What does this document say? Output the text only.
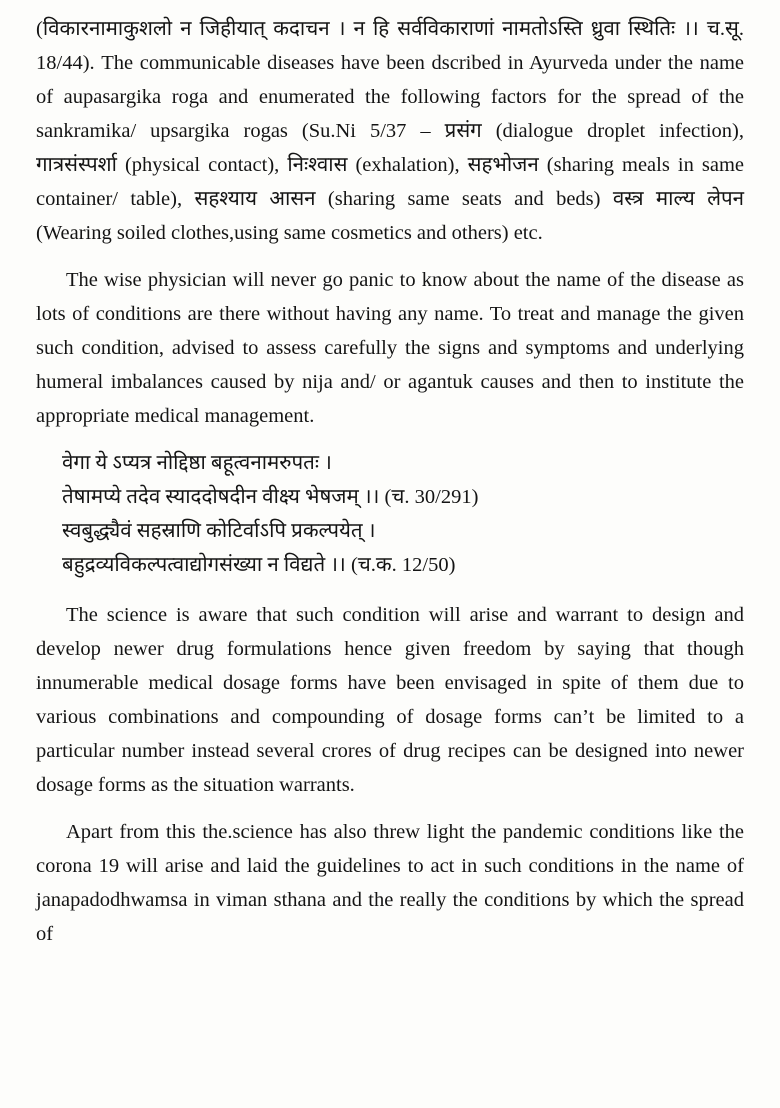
(विकारनामाकुशलो न जिहीयात् कदाचन । न हि सर्वविकाराणां नामतोऽस्ति ध्रुवा स्थितिः ।। च.सू. 18/44). The communicable diseases have been dscribed in Ayurveda under the name of aupasargika roga and enumerated the following factors for the spread of the sankramika/ upsargika rogas (Su.Ni 5/37 – प्रसंग (dialogue droplet infection), गात्रसंस्पर्शा (physical contact), निःश्वास (exhalation), सहभोजन (sharing meals in same container/ table), सहश्याय आसन (sharing same seats and beds) वस्त्र माल्य लेपन (Wearing soiled clothes,using same cosmetics and others) etc.

The wise physician will never go panic to know about the name of the disease as lots of conditions are there without having any name. To treat and manage the given such condition, advised to assess carefully the signs and symptoms and underlying humeral imbalances caused by nija and/ or agantuk causes and then to institute the appropriate medical management.

वेगा ये ऽप्यत्र नोद्दिष्ठा बहूत्वनामरुपतः ।
तेषामप्ये तदेव स्याददोषदीन वीक्ष्य भेषजम् ।। (च. 30/291)
स्वबुद्ध्यैवं सहस्राणि कोटिर्वाऽपि प्रकल्पयेत् ।
बहुद्रव्यविकल्पत्वाद्योगसंख्या न विद्यते ।। (च.क. 12/50)

The science is aware that such condition will arise and warrant to design and develop newer drug formulations hence given freedom by saying that though innumerable medical dosage forms have been envisaged in spite of them due to various combinations and compounding of dosage forms can’t be limited to a particular number instead several crores of drug recipes can be designed into newer dosage forms as the situation warrants.

Apart from this the.science has also threw light the pandemic conditions like the corona 19 will arise and laid the guidelines to act in such conditions in the name of janapadodhwamsa in viman sthana and the really the conditions by which the spread of
